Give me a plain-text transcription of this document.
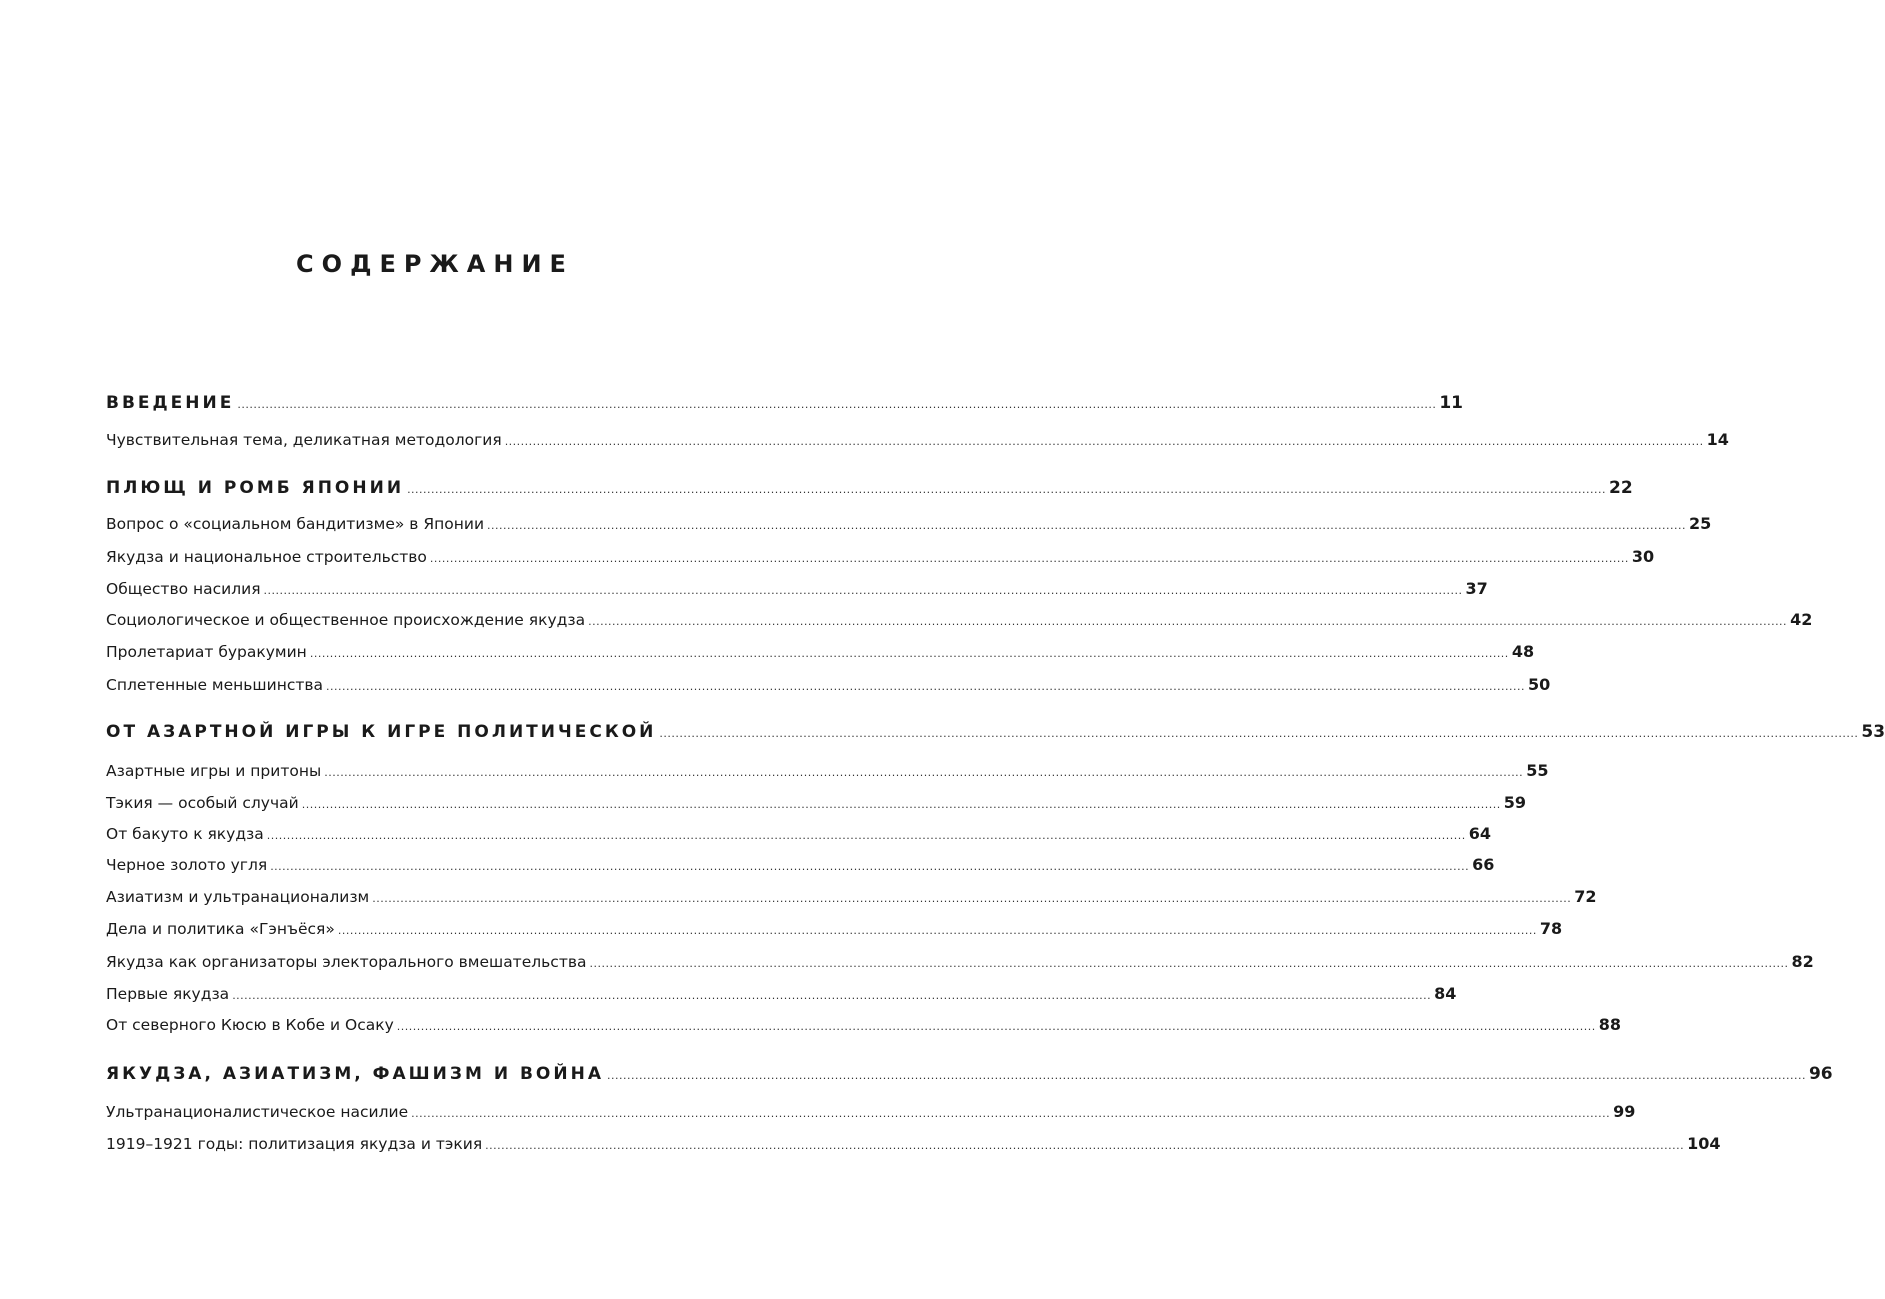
СОДЕРЖАНИЕ
ВВЕДЕНИЕ ............................................................................................................................................................................................................................................................................................................ 11
Чувствительная тема, деликатная методология ............................................................................................................................................................................................................................................................................................................ 14
ПЛЮЩ И РОМБ ЯПОНИИ ............................................................................................................................................................................................................................................................................................................ 22
Вопрос о «социальном бандитизме» в Японии ............................................................................................................................................................................................................................................................................................................ 25
Якудза и национальное строительство ............................................................................................................................................................................................................................................................................................................ 30
Общество насилия ............................................................................................................................................................................................................................................................................................................ 37
Социологическое и общественное происхождение якудза ............................................................................................................................................................................................................................................................................................................ 42
Пролетариат буракумин ............................................................................................................................................................................................................................................................................................................ 48
Сплетенные меньшинства ............................................................................................................................................................................................................................................................................................................ 50
ОТ АЗАРТНОЙ ИГРЫ К ИГРЕ ПОЛИТИЧЕСКОЙ ............................................................................................................................................................................................................................................................................................................ 53
Азартные игры и притоны ............................................................................................................................................................................................................................................................................................................ 55
Тэкия — особый случай ............................................................................................................................................................................................................................................................................................................ 59
От бакуто к якудза ............................................................................................................................................................................................................................................................................................................ 64
Черное золото угля ............................................................................................................................................................................................................................................................................................................ 66
Азиатизм и ультранационализм ............................................................................................................................................................................................................................................................................................................ 72
Дела и политика «Гэнъёся» ............................................................................................................................................................................................................................................................................................................ 78
Якудза как организаторы электорального вмешательства ............................................................................................................................................................................................................................................................................................................ 82
Первые якудза ............................................................................................................................................................................................................................................................................................................ 84
От северного Кюсю в Кобе и Осаку ............................................................................................................................................................................................................................................................................................................ 88
ЯКУДЗА, АЗИАТИЗМ, ФАШИЗМ И ВОЙНА ............................................................................................................................................................................................................................................................................................................ 96
Ультранационалистическое насилие ............................................................................................................................................................................................................................................................................................................ 99
1919–1921 годы: политизация якудза и тэкия ............................................................................................................................................................................................................................................................................................................ 104
